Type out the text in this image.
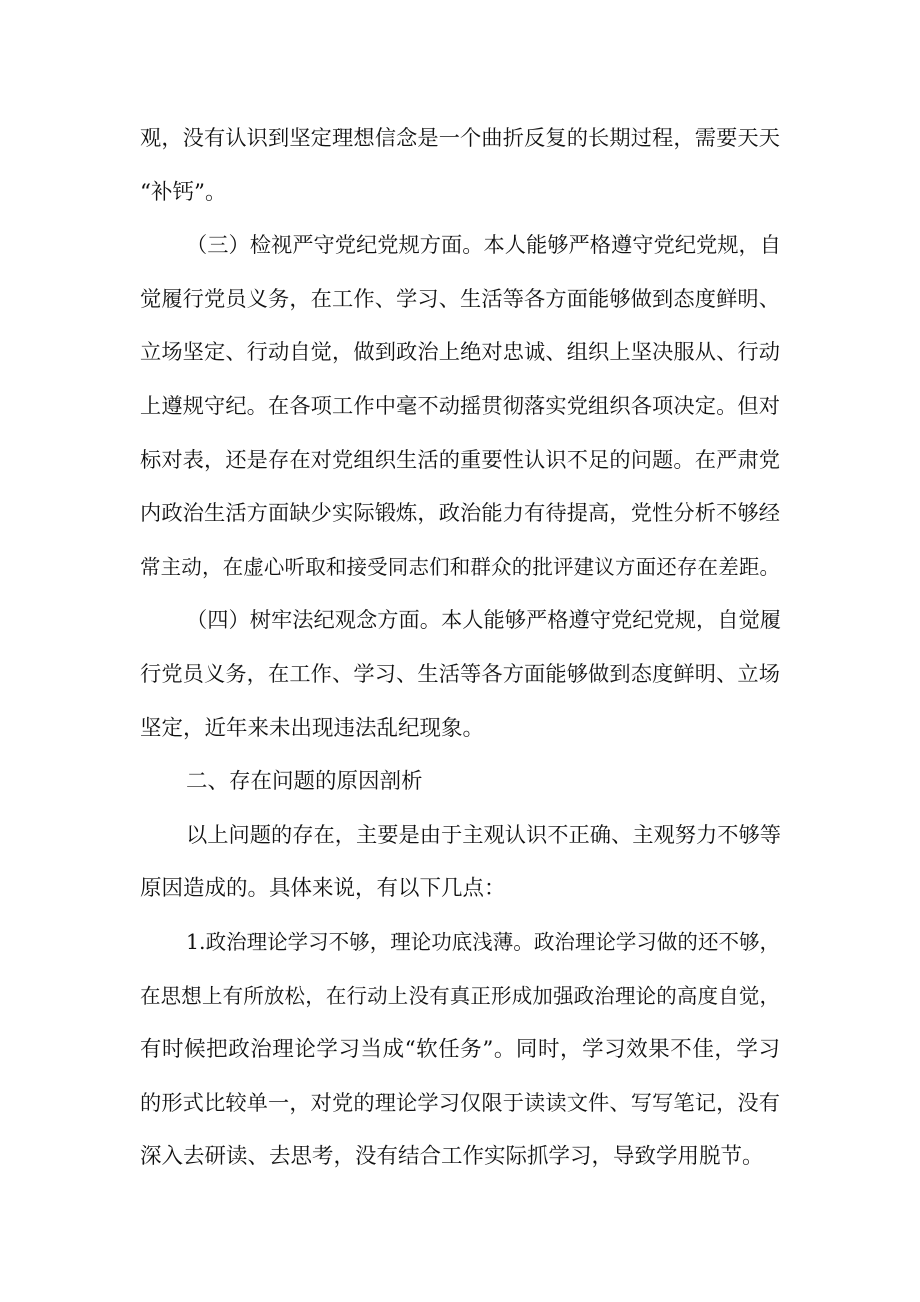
观，没有认识到坚定理想信念是一个曲折反复的长期过程，需要天天
“补钙”。
（三）检视严守党纪党规方面。本人能够严格遵守党纪党规，自
觉履行党员义务，在工作、学习、生活等各方面能够做到态度鲜明、
立场坚定、行动自觉，做到政治上绝对忠诚、组织上坚决服从、行动
上遵规守纪。在各项工作中毫不动摇贯彻落实党组织各项决定。但对
标对表，还是存在对党组织生活的重要性认识不足的问题。在严肃党
内政治生活方面缺少实际锻炼，政治能力有待提高，党性分析不够经
常主动，在虚心听取和接受同志们和群众的批评建议方面还存在差距。
（四）树牢法纪观念方面。本人能够严格遵守党纪党规，自觉履
行党员义务，在工作、学习、生活等各方面能够做到态度鲜明、立场
坚定，近年来未出现违法乱纪现象。
二、存在问题的原因剖析
以上问题的存在，主要是由于主观认识不正确、主观努力不够等
原因造成的。具体来说，有以下几点：
1.政治理论学习不够，理论功底浅薄。政治理论学习做的还不够，
在思想上有所放松，在行动上没有真正形成加强政治理论的高度自觉，
有时候把政治理论学习当成“软任务”。同时，学习效果不佳，学习
的形式比较单一，对党的理论学习仅限于读读文件、写写笔记，没有
深入去研读、去思考，没有结合工作实际抓学习，导致学用脱节。
